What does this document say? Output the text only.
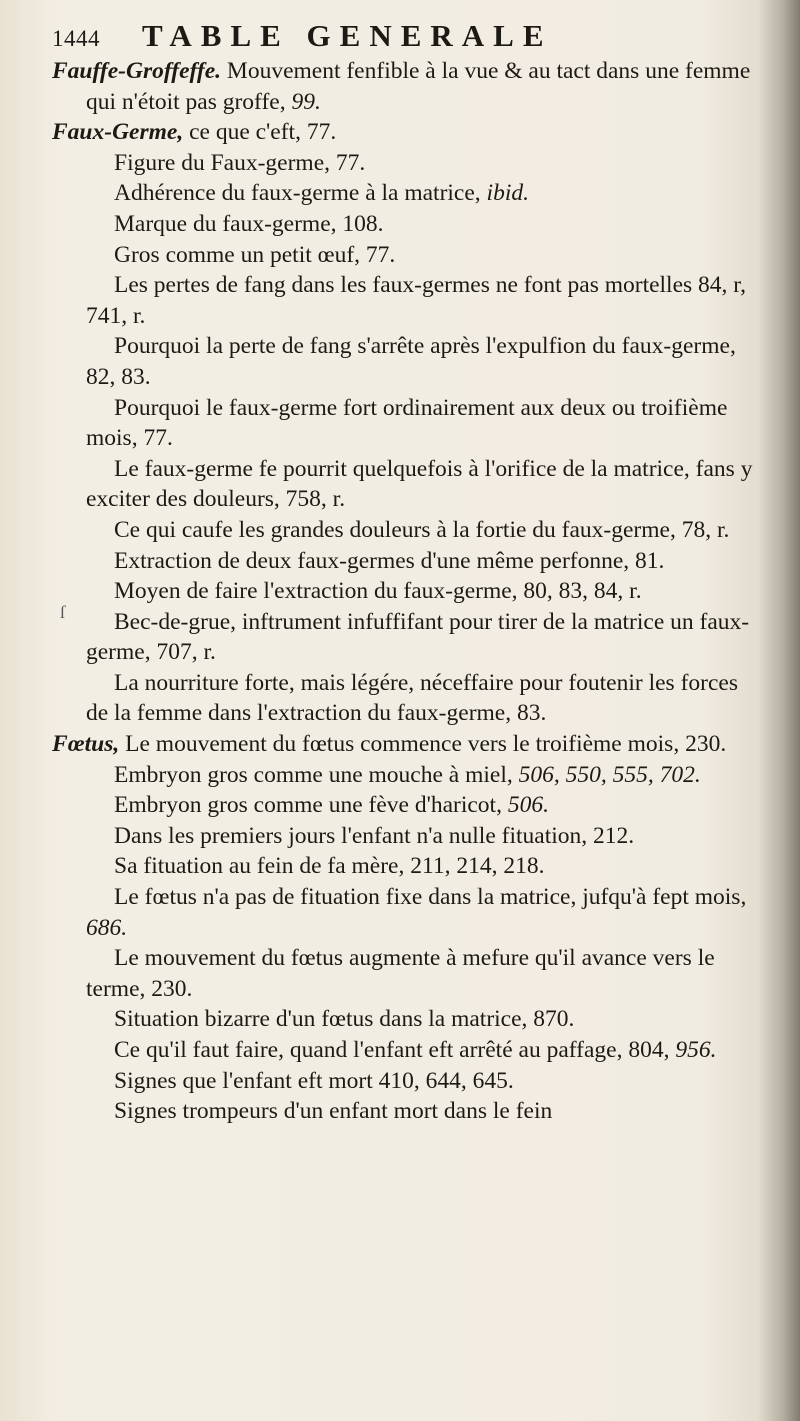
1444	TABLE GENERALE
Fauffe-Groffeffe. Mouvement fenfible à la vue & au tact dans une femme qui n'étoit pas groffe, 99.
Faux-Germe, ce que c'eft, 77.
Figure du Faux-germe, 77.
Adhérence du faux-germe à la matrice, ibid.
Marque du faux-germe, 108.
Gros comme un petit œuf, 77.
Les pertes de fang dans les faux-germes ne font pas mortelles 84, r, 741, r.
Pourquoi la perte de fang s'arrête après l'expulfion du faux-germe, 82, 83.
Pourquoi le faux-germe fort ordinairement aux deux ou troifième mois, 77.
Le faux-germe fe pourrit quelquefois à l'orifice de la matrice, fans y exciter des douleurs, 758, r.
Ce qui caufe les grandes douleurs à la fortie du faux-germe, 78, r.
Extraction de deux faux-germes d'une même perfonne, 81.
Moyen de faire l'extraction du faux-germe, 80, 83, 84, r.
Bec-de-grue, inftrument infuffifant pour tirer de la matrice un faux-germe, 707, r.
La nourriture forte, mais légére, néceffaire pour foutenir les forces de la femme dans l'extraction du faux-germe, 83.
Fœtus, Le mouvement du fœtus commence vers le troifième mois, 230.
Embryon gros comme une mouche à miel, 506, 550, 555, 702.
Embryon gros comme une fève d'haricot, 506.
Dans les premiers jours l'enfant n'a nulle fituation, 212.
Sa fituation au fein de fa mère, 211, 214, 218.
Le fœtus n'a pas de fituation fixe dans la matrice, jufqu'à fept mois, 686.
Le mouvement du fœtus augmente à mefure qu'il avance vers le terme, 230.
Situation bizarre d'un fœtus dans la matrice, 870.
Ce qu'il faut faire, quand l'enfant eft arrêté au paffage, 804, 956.
Signes que l'enfant eft mort 410, 644, 645.
Signes trompeurs d'un enfant mort dans le fein
ſ
